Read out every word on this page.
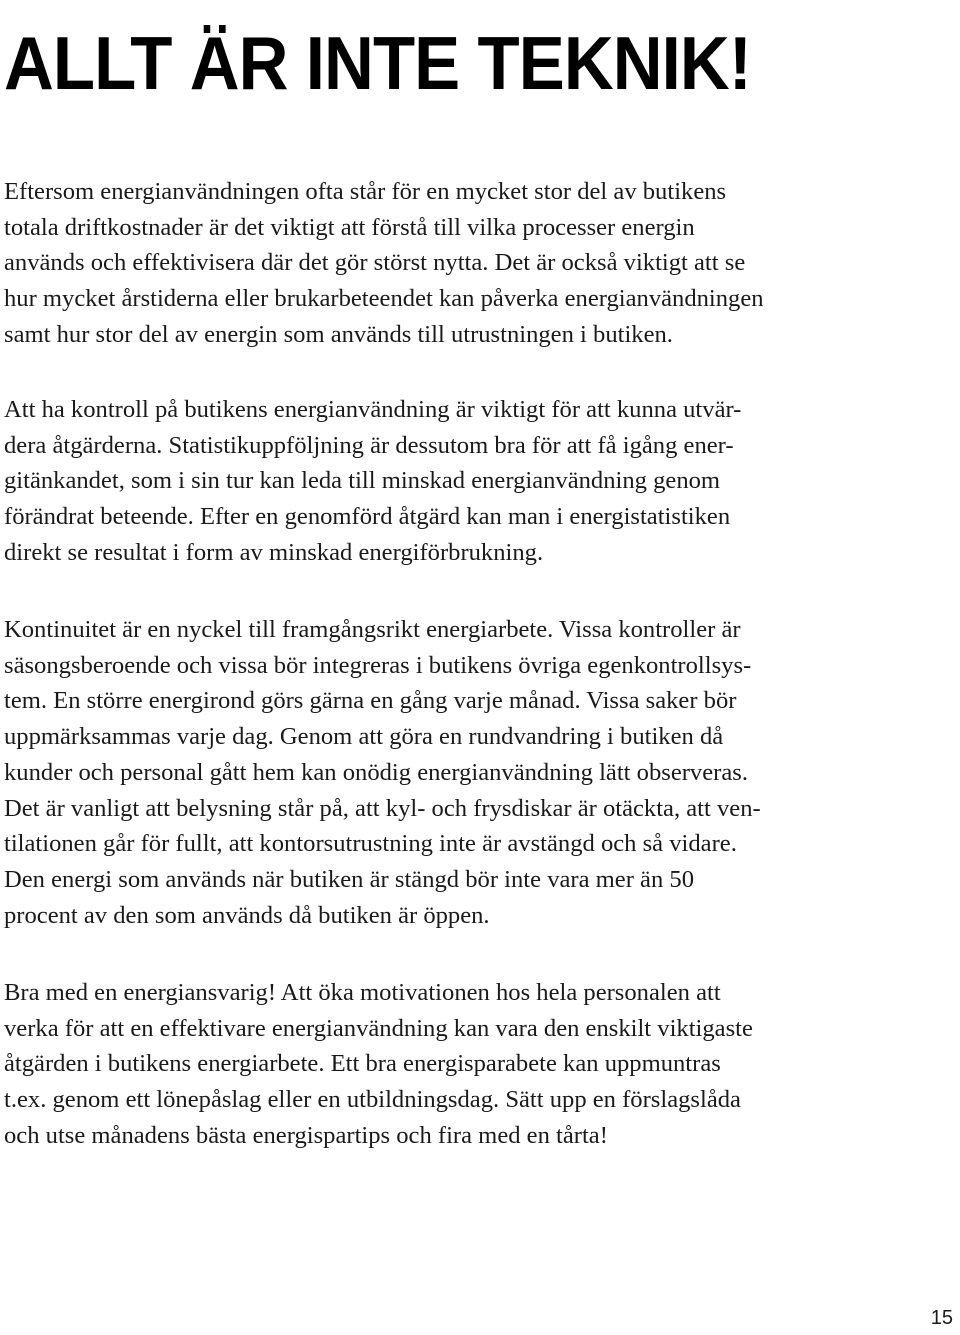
ALLT ÄR INTE TEKNIK!

Eftersom energianvändningen ofta står för en mycket stor del av butikens
totala driftkostnader är det viktigt att förstå till vilka processer energin
används och effektivisera där det gör störst nytta. Det är också viktigt att se
hur mycket årstiderna eller brukarbeteendet kan påverka energianvändningen
samt hur stor del av energin som används till utrustningen i butiken.

Att ha kontroll på butikens energianvändning är viktigt för att kunna utvär-
dera åtgärderna. Statistikuppföljning är dessutom bra för att få igång ener-
gitänkandet, som i sin tur kan leda till minskad energianvändning genom
förändrat beteende. Efter en genomförd åtgärd kan man i energistatistiken
direkt se resultat i form av minskad energiförbrukning.

Kontinuitet är en nyckel till framgångsrikt energiarbete. Vissa kontroller är
säsongsberoende och vissa bör integreras i butikens övriga egenkontrollsys-
tem. En större energirond görs gärna en gång varje månad. Vissa saker bör
uppmärksammas varje dag. Genom att göra en rundvandring i butiken då
kunder och personal gått hem kan onödig energianvändning lätt observeras.
Det är vanligt att belysning står på, att kyl- och frysdiskar är otäckta, att ven-
tilationen går för fullt, att kontorsutrustning inte är avstängd och så vidare.
Den energi som används när butiken är stängd bör inte vara mer än 50
procent av den som används då butiken är öppen.

Bra med en energiansvarig! Att öka motivationen hos hela personalen att
verka för att en effektivare energianvändning kan vara den enskilt viktigaste
åtgärden i butikens energiarbete. Ett bra energisparabete kan uppmuntras
t.ex. genom ett lönepåslag eller en utbildningsdag. Sätt upp en förslagslåda
och utse månadens bästa energispartips och fira med en tårta!

15
